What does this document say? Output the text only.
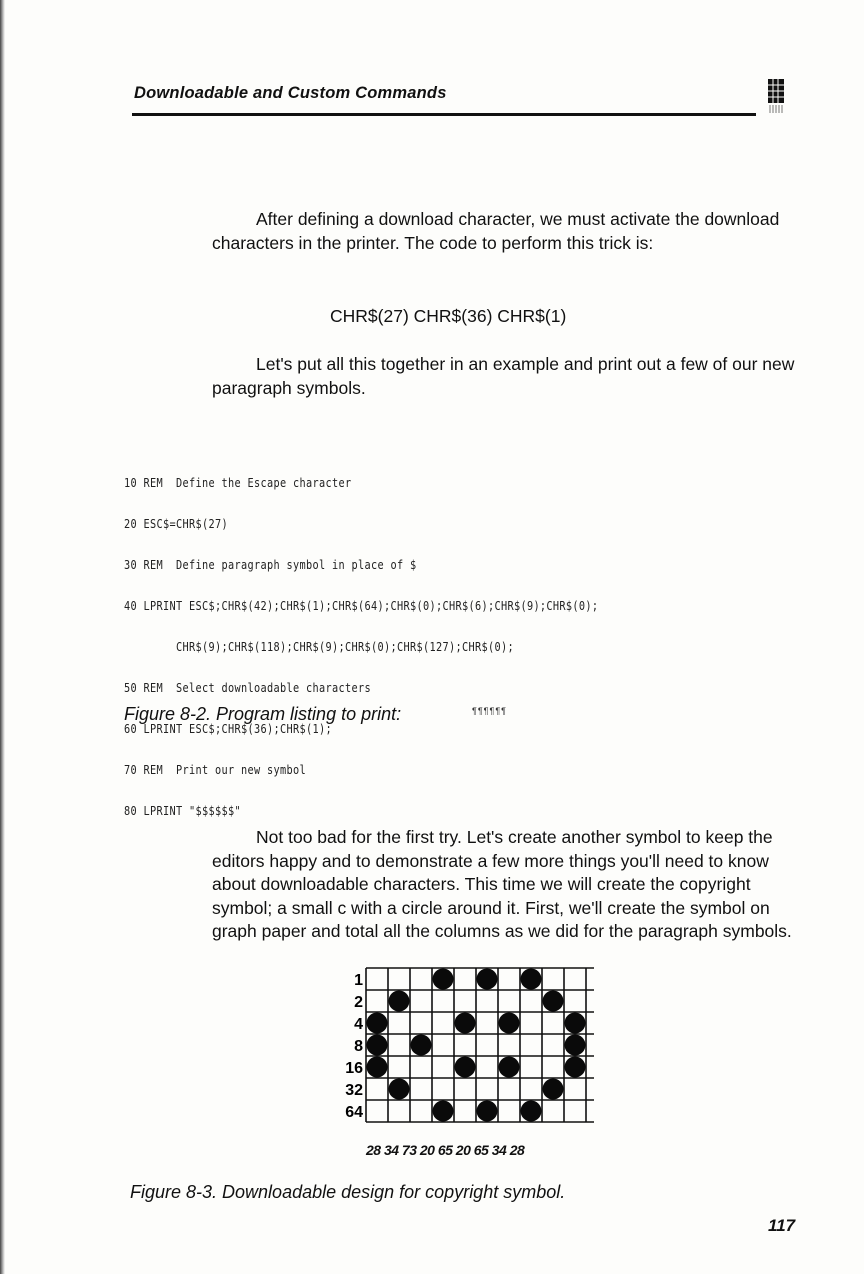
Downloadable and Custom Commands

After defining a download character, we must activate the download characters in the printer. The code to perform this trick is:

CHR$(27) CHR$(36) CHR$(1)

Let's put all this together in an example and print out a few of our new paragraph symbols.

10 REM  Define the Escape character

20 ESC$=CHR$(27)

30 REM  Define paragraph symbol in place of $

40 LPRINT ESC$;CHR$(42);CHR$(1);CHR$(64);CHR$(0);CHR$(6);CHR$(9);CHR$(0);

CHR$(9);CHR$(118);CHR$(9);CHR$(0);CHR$(127);CHR$(0);

50 REM  Select downloadable characters

60 LPRINT ESC$;CHR$(36);CHR$(1);

70 REM  Print our new symbol

80 LPRINT "$$$$$$"

Figure 8-2. Program listing to print:	¶¶¶¶¶¶

Not too bad for the first try. Let's create another symbol to keep the editors happy and to demonstrate a few more things you'll need to know about downloadable characters. This time we will create the copyright symbol; a small c with a circle around it. First, we'll create the symbol on graph paper and total all the columns as we did for the paragraph symbols.

1
2
4
8
16
32
64
28 34 73 20 65 20 65 34 28
Figure 8-3. Downloadable design for copyright symbol.
117
